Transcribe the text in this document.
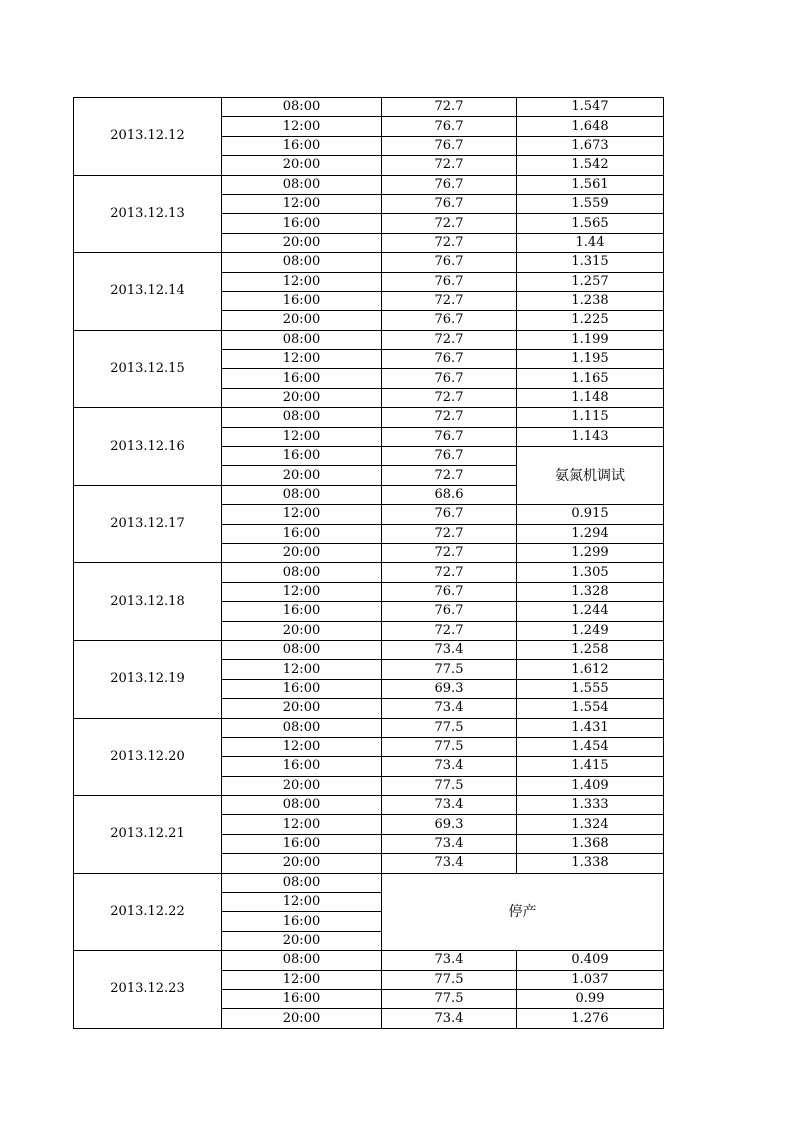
2013.12.12	08:00	72.7	1.547
	12:00	76.7	1.648
	16:00	76.7	1.673
	20:00	72.7	1.542
2013.12.13	08:00	76.7	1.561
	12:00	76.7	1.559
	16:00	72.7	1.565
	20:00	72.7	1.44
2013.12.14	08:00	76.7	1.315
	12:00	76.7	1.257
	16:00	72.7	1.238
	20:00	76.7	1.225
2013.12.15	08:00	72.7	1.199
	12:00	76.7	1.195
	16:00	76.7	1.165
	20:00	72.7	1.148
2013.12.16	08:00	72.7	1.115
	12:00	76.7	1.143
	16:00	76.7	氨氮机调试
	20:00	72.7	
2013.12.17	08:00	68.6	
	12:00	76.7	0.915
	16:00	72.7	1.294
	20:00	72.7	1.299
2013.12.18	08:00	72.7	1.305
	12:00	76.7	1.328
	16:00	76.7	1.244
	20:00	72.7	1.249
2013.12.19	08:00	73.4	1.258
	12:00	77.5	1.612
	16:00	69.3	1.555
	20:00	73.4	1.554
2013.12.20	08:00	77.5	1.431
	12:00	77.5	1.454
	16:00	73.4	1.415
	20:00	77.5	1.409
2013.12.21	08:00	73.4	1.333
	12:00	69.3	1.324
	16:00	73.4	1.368
	20:00	73.4	1.338
2013.12.22	08:00	停产	
	12:00		
	16:00		
	20:00		
2013.12.23	08:00	73.4	0.409
	12:00	77.5	1.037
	16:00	77.5	0.99
	20:00	73.4	1.276
